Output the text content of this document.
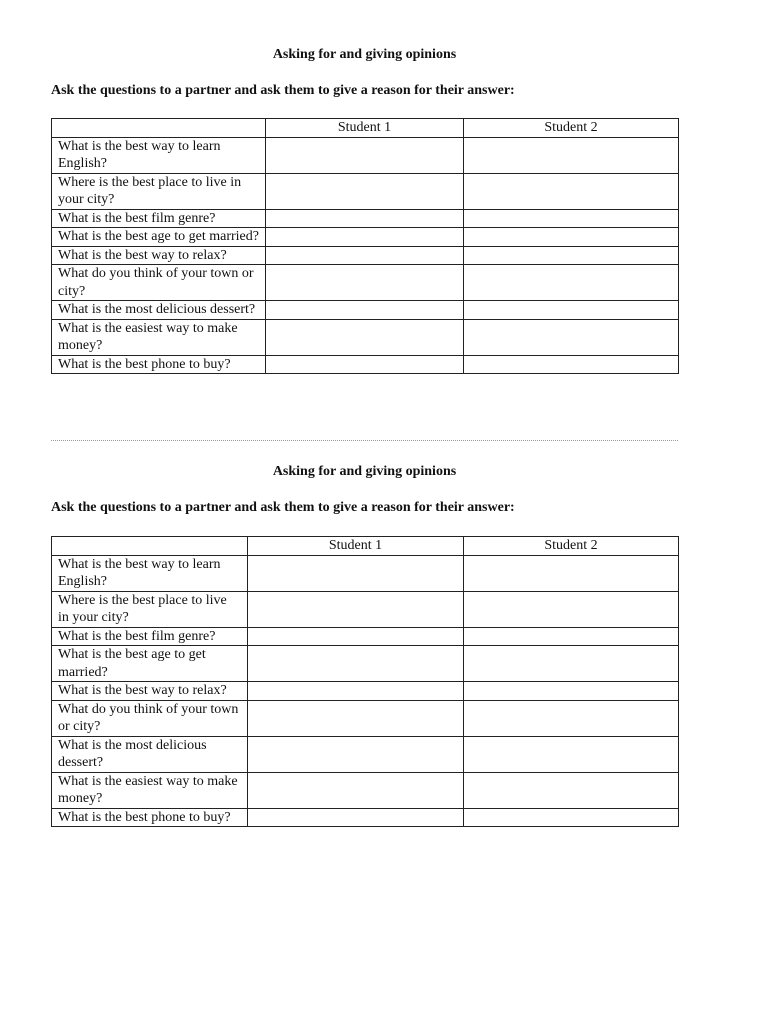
Asking for and giving opinions

Ask the questions to a partner and ask them to give a reason for their answer:

	Student 1	Student 2
What is the best way to learn English?		
Where is the best place to live in your city?		
What is the best film genre?		
What is the best age to get married?		
What is the best way to relax?		
What do you think of your town or city?		
What is the most delicious dessert?		
What is the easiest way to make money?		
What is the best phone to buy?		

Asking for and giving opinions

Ask the questions to a partner and ask them to give a reason for their answer:

	Student 1	Student 2
What is the best way to learn English?		
Where is the best place to live in your city?		
What is the best film genre?		
What is the best age to get married?		
What is the best way to relax?		
What do you think of your town or city?		
What is the most delicious dessert?		
What is the easiest way to make money?		
What is the best phone to buy?		
